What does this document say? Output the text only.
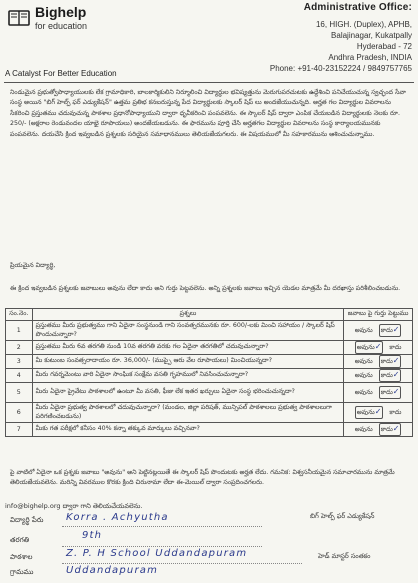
Bighelp
for education
A Catalyst For Better Education
Administrative Office:
16, HIGH. (Duplex), APHB,
Balajinagar, Kukatpally
Hyderabad - 72
Andhra Pradesh, INDIA
Phone: +91-40-23152224 / 9849757765
నిండుమైన ప్రభుత్వోపాధ్యాయులకు లేక గ్రామాధికారి, బాలకార్మికులిని నిర్మూలించి విద్యార్థుల భవిష్యత్తును మెరుగుపరచుటకు ఉద్దేశించి పనిచేయుచున్న స్వచ్ఛంద సేవా సంస్థ అయిన "బిగ్ హెల్ప్ ఫర్ ఎడ్యుకేషన్" ఉత్తమ ప్రతిభ కనబరుస్తున్న పేద విద్యార్థులకు స్కాలర్ షిప్ లు అందజేయుచున్నది. అర్హత గల విద్యార్థుల వివరాలను సేకరించి ప్రస్తుతము చదువుచున్న పాఠశాల ప్రధానోపాధ్యాయుని ద్వారా ధృవీకరించి పంపవలెను. ఈ స్కాలర్ షిప్ ద్వారా ఎంపిక చేయబడిన విద్యార్థులకు నెలకు రూ. 250/- (అక్షరాల రెండువందల యాభై రూపాయలు) అందజేయబడును. ఈ ఫారమును పూర్తి చేసి అర్హతగల విద్యార్థుల వివరాలను సంస్థ కార్యాలయమునకు పంపవలెను. దయచేసి క్రింద ఇవ్వబడిన ప్రశ్నలకు సరియైన సమాధానములు తెలియజేయగలరు. ఈ విషయములో మీ సహకారమును ఆశించుచున్నాము.
ప్రియమైన విద్యార్థి,
ఈ క్రింద ఇవ్వబడిన ప్రశ్నలకు జవాబులు అవును లేదా కాదు అని గుర్తు పెట్టవలెను. అన్ని ప్రశ్నలకు జవాబు ఇచ్చిన యెడల మాత్రమే మీ దరఖాస్తు పరిశీలించబడును.
సం.నెం.	ప్రశ్నలు	జవాబు పై గుర్తు పెట్టుము
1	ప్రస్తుతము మీరు ప్రభుత్వము గాని ఏదైనా సంస్థనుండి గాని సంవత్సరమునకు రూ. 600/-లకు మించి సహాయం / స్కాలర్ షిప్ పొందుచున్నారా?	అవును కాదు✓
2	ప్రస్తుతము మీరు 6వ తరగతి నుండి 10వ తరగతి వరకు గల ఏదైనా తరగతిలో చదువుచున్నారా?	అవును✓ కాదు
3	మీ కుటుంబ సంవత్సరాదాయం రూ. 36,000/- (ముప్పై ఆరు వేల రూపాయలు) మించియున్నదా?	అవును కాదు✓
4	మీరు గవర్నమెంటు వారి ఏదైనా సాంఘిక సంక్షేమ వసతి గృహములో నివసించుచున్నారా?	అవును కాదు✓
5	మీరు ఏదైనా ప్రైవేటు పాఠశాలలో ఉంటూ మీ వసతి, ఫీజు లేక ఇతర ఖర్చులు ఏదైనా సంస్థ భరించుచున్నదా?	అవును కాదు✓
6	మీరు ఏదైనా ప్రభుత్వ పాఠశాలలో చదువుచున్నారా? (మండల, జిల్లా పరిషత్, మున్సిపల్ పాఠశాలలు ప్రభుత్వ పాఠశాలలుగా పరిగణించబడును)	అవును✓ కాదు
7	మీకు గత పరీక్షలో కనీసం 40% కన్నా తక్కువ మార్కులు వచ్చినవా?	అవును కాదు✓
పై వాటిలో ఏదైనా ఒక ప్రశ్నకు జవాబు "అవును" అని పెట్టినట్లయితే ఈ స్కాలర్ షిప్ పొందుటకు అర్హత లేదు. గమనిక: విశ్వసనీయమైన సమాచారమును మాత్రమే తెలియజేయవలెను. మరిన్ని వివరముల కొరకు క్రింది చిరునామా లేదా ఈ-మెయిల్ ద్వారా సంప్రదించగలరు.
info@bighelp.org ద్వారా గాని తెలియచేయవలెను.
బిగ్ హెల్ప్ ఫర్ ఎడ్యుకేషన్
విద్యార్థి పేరు Korra . Achyutha
తరగతి	9th
పాఠశాల	Z. P. H School Uddandapuram	హెడ్ మాస్టర్ సంతకం
గ్రామము	Uddandapuram
